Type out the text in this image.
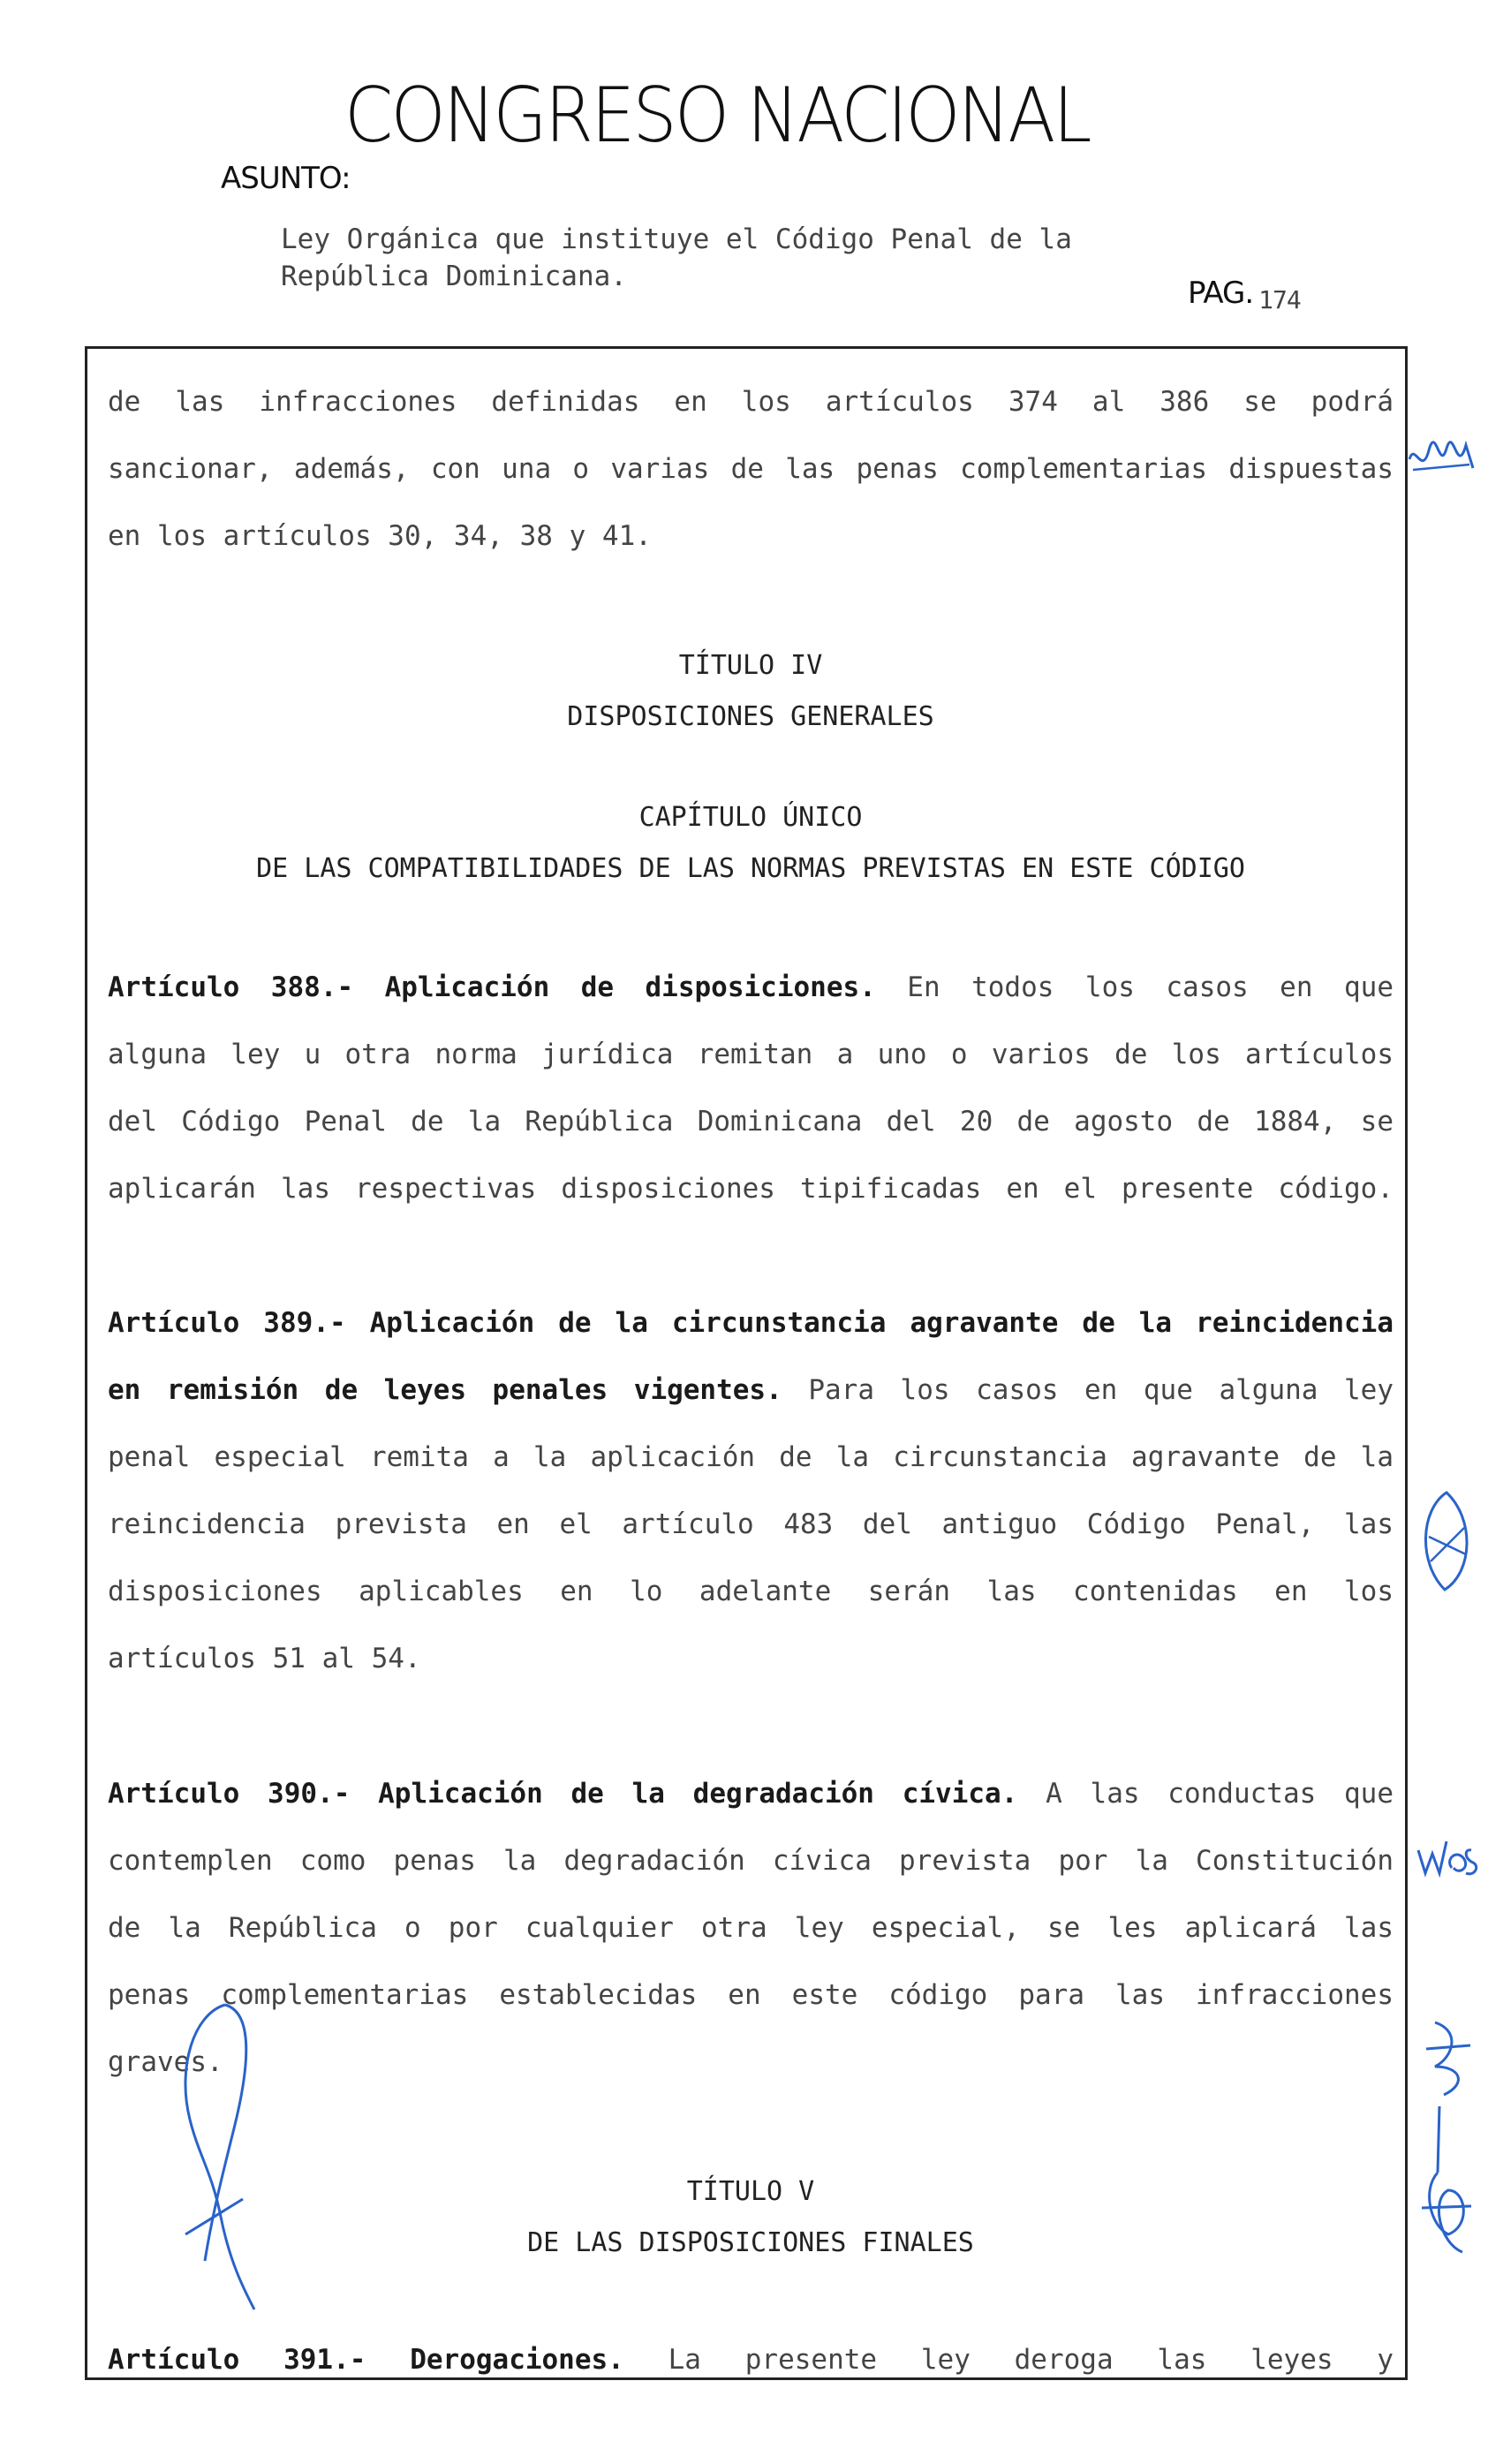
CONGRESO NACIONAL
ASUNTO:
Ley Orgánica que instituye el Código Penal de la
República Dominicana.	PAG. 174

de las infracciones definidas en los artículos 374 al 386 se podrá

sancionar, además, con una o varias de las penas complementarias dispuestas

en los artículos 30, 34, 38 y 41.

TÍTULO IV

DISPOSICIONES GENERALES

CAPÍTULO ÚNICO

DE LAS COMPATIBILIDADES DE LAS NORMAS PREVISTAS EN ESTE CÓDIGO

Artículo 388.- Aplicación de disposiciones. En todos los casos en que

alguna ley u otra norma jurídica remitan a uno o varios de los artículos

del Código Penal de la República Dominicana del 20 de agosto de 1884, se

aplicarán las respectivas disposiciones tipificadas en el presente código.

Artículo 389.- Aplicación de la circunstancia agravante de la reincidencia

en remisión de leyes penales vigentes. Para los casos en que alguna ley

penal especial remita a la aplicación de la circunstancia agravante de la

reincidencia prevista en el artículo 483 del antiguo Código Penal, las

disposiciones aplicables en lo adelante serán las contenidas en los

artículos 51 al 54.

Artículo 390.- Aplicación de la degradación cívica. A las conductas que

contemplen como penas la degradación cívica prevista por la Constitución

de la República o por cualquier otra ley especial, se les aplicará las

penas complementarias establecidas en este código para las infracciones

graves.

TÍTULO V

DE LAS DISPOSICIONES FINALES

Artículo 391.- Derogaciones. La presente ley deroga las leyes y
